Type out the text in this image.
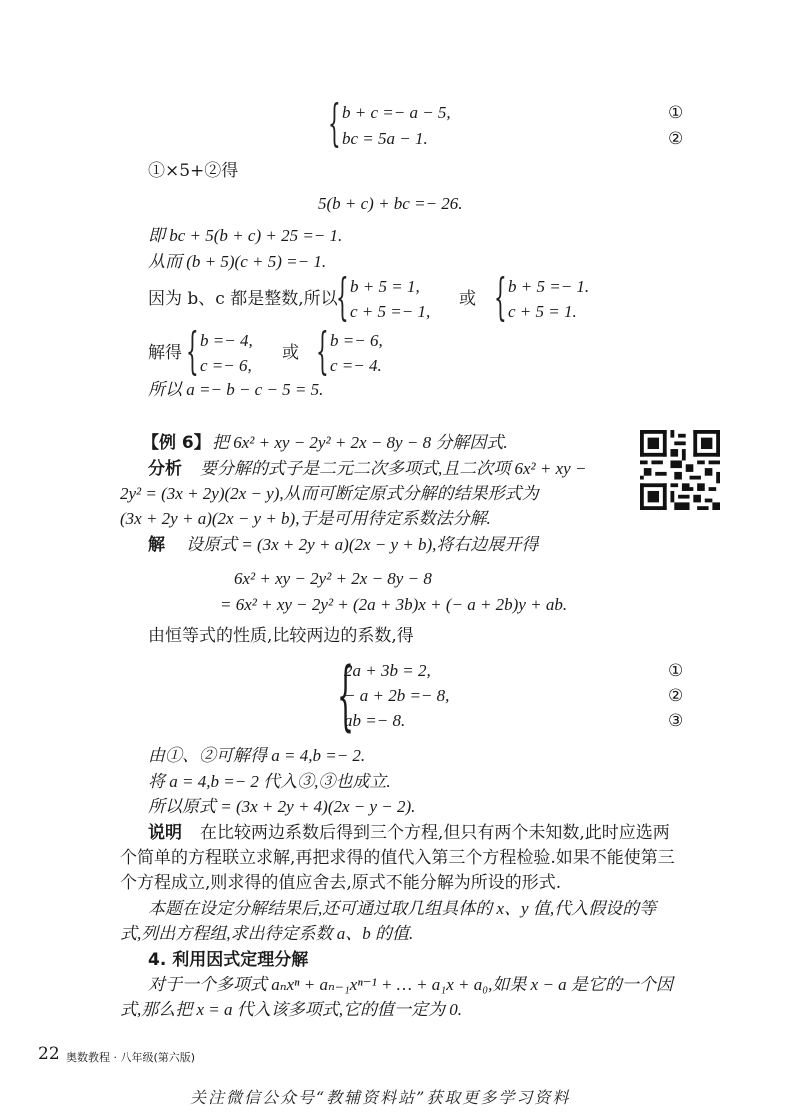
{ b + c =− a − 5,
bc = 5a − 1.
①
②
①×5+②得
5(b + c) + bc =− 26.
即 bc + 5(b + c) + 25 =− 1.
从而 (b + 5)(c + 5) =− 1.
因为 b、c 都是整数,所以
{ b + 5 = 1,
c + 5 =− 1,
或 { b + 5 =− 1.
c + 5 = 1.
解得 { b =− 4,
c =− 6,
或 { b =− 6,
c =− 4.
所以 a =− b − c − 5 = 5.
【例 6】 把 6x² + xy − 2y² + 2x − 8y − 8 分解因式.
分析 要分解的式子是二元二次多项式,且二次项 6x² + xy −
2y² = (3x + 2y)(2x − y),从而可断定原式分解的结果形式为
(3x + 2y + a)(2x − y + b),于是可用待定系数法分解.
解 设原式 = (3x + 2y + a)(2x − y + b),将右边展开得
6x² + xy − 2y² + 2x − 8y − 8
= 6x² + xy − 2y² + (2a + 3b)x + (− a + 2b)y + ab.
由恒等式的性质,比较两边的系数,得
{
2a + 3b = 2,
− a + 2b =− 8,
ab =− 8.
①
②
③
由①、②可解得 a = 4,b =− 2.
将 a = 4,b =− 2 代入③,③也成立.
所以原式 = (3x + 2y + 4)(2x − y − 2).
说明 在比较两边系数后得到三个方程,但只有两个未知数,此时应选两
个简单的方程联立求解,再把求得的值代入第三个方程检验.如果不能使第三
个方程成立,则求得的值应舍去,原式不能分解为所设的形式.
本题在设定分解结果后,还可通过取几组具体的 x、y 值,代入假设的等
式,列出方程组,求出待定系数 a、b 的值.
4. 利用因式定理分解
对于一个多项式 aₙxⁿ + aₙ₋₁xⁿ⁻¹ + … + a₁x + a₀,如果 x − a 是它的一个因
式,那么把 x = a 代入该多项式,它的值一定为 0.
22 奥数教程 · 八年级(第六版)
关注微信公众号“教辅资料站”获取更多学习资料
